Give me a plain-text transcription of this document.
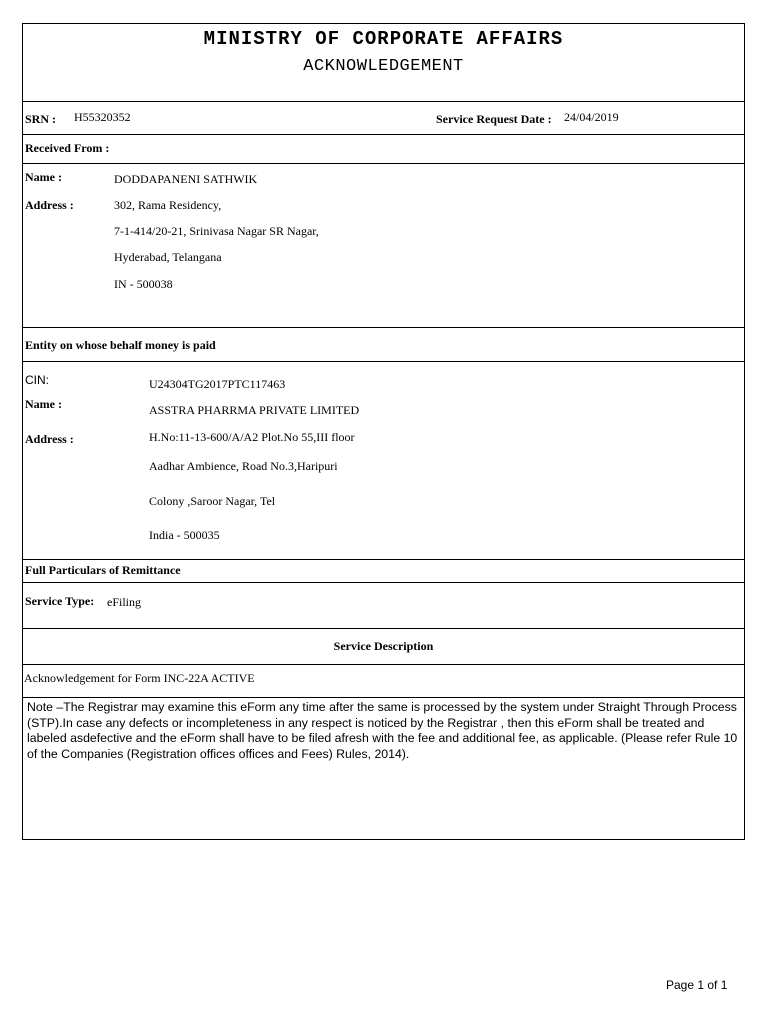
MINISTRY OF CORPORATE AFFAIRS
ACKNOWLEDGEMENT
SRN : H55320352	Service Request Date : 24/04/2019
Received From :
Name :	DODDAPANENI SATHWIK
Address :	302, Rama Residency,
7-1-414/20-21, Srinivasa Nagar SR Nagar,
Hyderabad, Telangana
IN - 500038
Entity on whose behalf money is paid
CIN:	U24304TG2017PTC117463
Name :	ASSTRA PHARRMA PRIVATE LIMITED
Address :	H.No:11-13-600/A/A2 Plot.No 55,III floor
Aadhar Ambience, Road No.3,Haripuri
Colony ,Saroor Nagar, Tel
India - 500035
Full Particulars of Remittance
Service Type: eFiling
Service Description
Acknowledgement for Form INC-22A ACTIVE
Note –The Registrar may examine this eForm any time after the same is processed by the system under Straight Through Process (STP).In case any defects or incompleteness in any respect is noticed by the Registrar , then this eForm shall be treated and labeled asdefective and the eForm shall have to be filed afresh with the fee and additional fee, as applicable. (Please refer Rule 10 of the Companies (Registration offices offices and Fees) Rules, 2014).
Page 1 of 1
